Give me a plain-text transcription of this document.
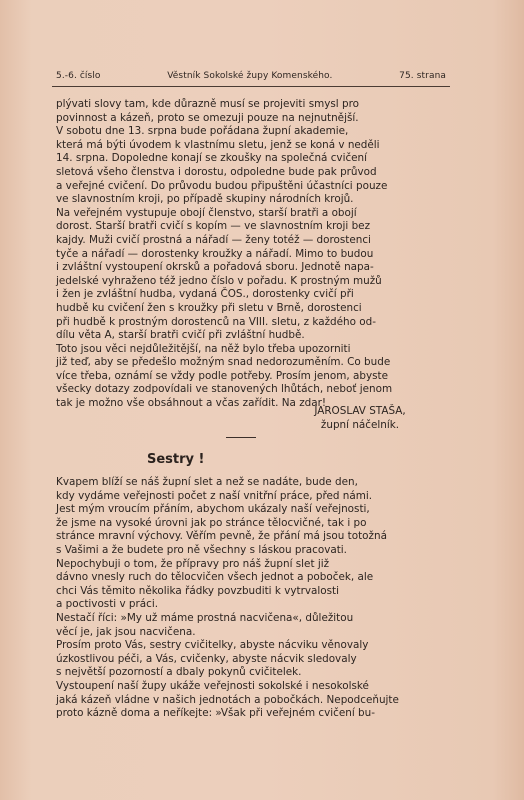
5.-6. číslo	Věstník Sokolské župy Komenského.	75. strana
plývati slovy tam, kde důrazně musí se projeviti smysl pro
povinnost a kázeň, proto se omezuji pouze na nejnutnější.
V sobotu dne 13. srpna bude pořádana župní akademie,
která má býti úvodem k vlastnímu sletu, jenž se koná v neděli
14. srpna. Dopoledne konají se zkoušky na společná cvičení
sletová všeho členstva i dorostu, odpoledne bude pak průvod
a veřejné cvičení. Do průvodu budou připuštěni účastníci pouze
ve slavnostním kroji, po případě skupiny národních krojů.
Na veřejném vystupuje obojí členstvo, starší bratři a obojí
dorost. Starší bratři cvičí s kopím — ve slavnostním kroji bez
kajdy. Muži cvičí prostná a nářadí — ženy totéž — dorostenci
tyče a nářadí — dorostenky kroužky a nářadí. Mimo to budou
i zvláštní vystoupení okrsků a pořadová sboru. Jednotě napa-
jedelské vyhraženo též jedno číslo v pořadu. K prostným mužů
i žen je zvláštní hudba, vydaná ČOS., dorostenky cvičí při
hudbě ku cvičení žen s kroužky při sletu v Brně, dorostenci
při hudbě k prostným dorostenců na VIII. sletu, z každého od-
dílu věta A, starší bratři cvičí při zvláštní hudbě.
Toto jsou věci nejdůležitější, na něž bylo třeba upozorniti
již teď, aby se předešlo možným snad nedorozuměním. Co bude
více třeba, oznámí se vždy podle potřeby. Prosím jenom, abyste
všecky dotazy zodpovídali ve stanovených lhůtách, neboť jenom
tak je možno vše obsáhnout a včas zařídit. Na zdar!
JAROSLAV STAŠA,
župní náčelník.
Sestry !
Kvapem blíží se náš župní slet a než se nadáte, bude den,
kdy vydáme veřejnosti počet z naší vnitřní práce, před námi.
Jest mým vroucím přáním, abychom ukázaly naší veřejnosti,
že jsme na vysoké úrovni jak po stránce tělocvičné, tak i po
stránce mravní výchovy. Věřím pevně, že přání má jsou totožná
s Vašimi a že budete pro ně všechny s láskou pracovati.
Nepochybuji o tom, že přípravy pro náš župní slet již
dávno vnesly ruch do tělocvičen všech jednot a poboček, ale
chci Vás těmito několika řádky povzbuditi k vytrvalosti
a poctivosti v práci.
Nestačí říci: »My už máme prostná nacvičena«, důležitou
věcí je, jak jsou nacvičena.
Prosím proto Vás, sestry cvičitelky, abyste nácviku věnovaly
úzkostlivou péči, a Vás, cvičenky, abyste nácvik sledovaly
s největší pozorností a dbaly pokynů cvičitelek.
Vystoupení naší župy ukáže veřejnosti sokolské i nesokolské
jaká kázeň vládne v našich jednotách a pobočkách. Nepodceňujte
proto kázně doma a neříkejte: »Však při veřejném cvičení bu-
